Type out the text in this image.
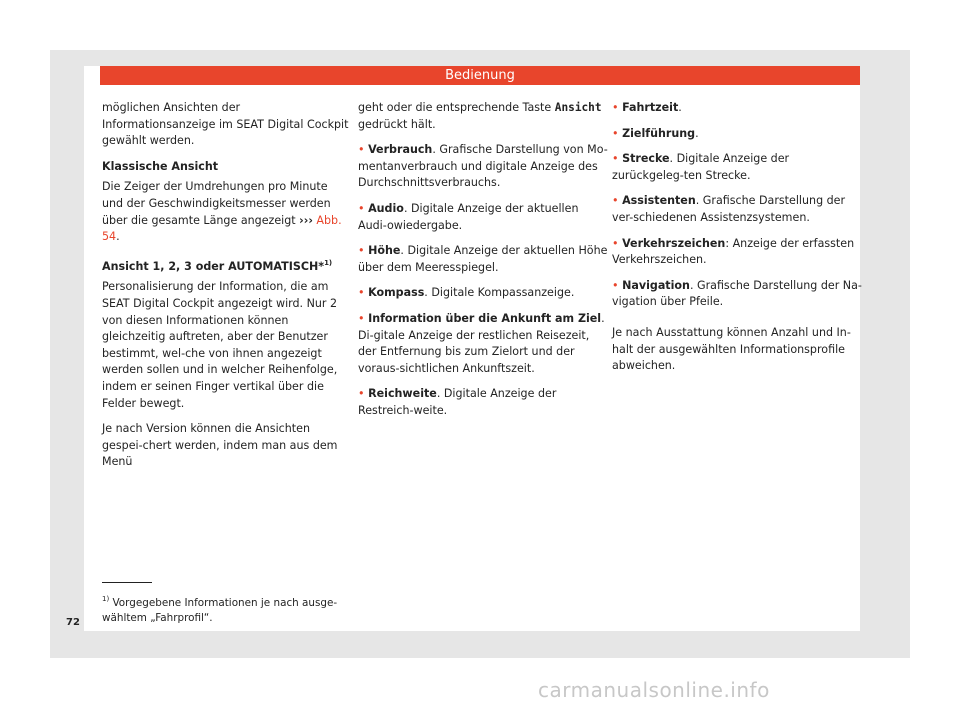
Bedienung

möglichen Ansichten der Informationsanzeige im SEAT Digital Cockpit gewählt werden.

Klassische Ansicht

Die Zeiger der Umdrehungen pro Minute und der Geschwindigkeitsmesser werden über die gesamte Länge angezeigt ››› Abb. 54.

Ansicht 1, 2, 3 oder AUTOMATISCH*$^{1)}$

Personalisierung der Information, die am SEAT Digital Cockpit angezeigt wird. Nur 2 von diesen Informationen können gleichzeitig auftreten, aber der Benutzer bestimmt, wel-che von ihnen angezeigt werden sollen und in welcher Reihenfolge, indem er seinen Finger vertikal über die Felder bewegt.

Je nach Version können die Ansichten gespei-chert werden, indem man aus dem Menü

geht oder die entsprechende Taste Ansicht gedrückt hält.

• Verbrauch. Grafische Darstellung von Mo-mentanverbrauch und digitale Anzeige des Durchschnittsverbrauchs.

• Audio. Digitale Anzeige der aktuellen Audi-owiedergabe.

• Höhe. Digitale Anzeige der aktuellen Höhe über dem Meeresspiegel.

• Kompass. Digitale Kompassanzeige.

• Information über die Ankunft am Ziel. Di-gitale Anzeige der restlichen Reisezeit, der Entfernung bis zum Zielort und der voraus-sichtlichen Ankunftszeit.

• Reichweite. Digitale Anzeige der Restreich-weite.

• Fahrtzeit.

• Zielführung.

• Strecke. Digitale Anzeige der zurückgeleg-ten Strecke.

• Assistenten. Grafische Darstellung der ver-schiedenen Assistenzsystemen.

• Verkehrszeichen: Anzeige der erfassten Verkehrszeichen.

• Navigation. Grafische Darstellung der Na-vigation über Pfeile.

Je nach Ausstattung können Anzahl und In-halt der ausgewählten Informationsprofile abweichen.

$^{1)}$ Vorgegebene Informationen je nach ausge-wähltem „Fahrprofil“.
72
carmanualsonline.info
